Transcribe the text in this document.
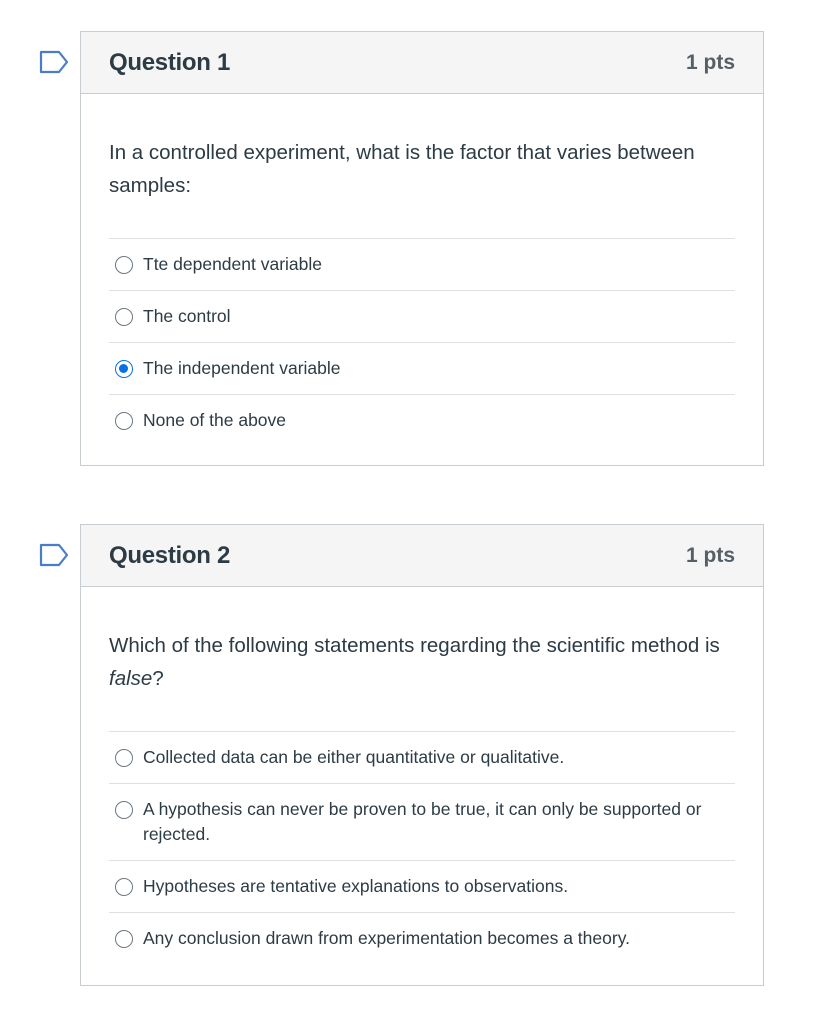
Question 1	1 pts
In a controlled experiment, what is the factor that varies between samples:
Tte dependent variable
The control
The independent variable
None of the above
Question 2	1 pts
Which of the following statements regarding the scientific method is false?
Collected data can be either quantitative or qualitative.
A hypothesis can never be proven to be true, it can only be supported or rejected.
Hypotheses are tentative explanations to observations.
Any conclusion drawn from experimentation becomes a theory.
